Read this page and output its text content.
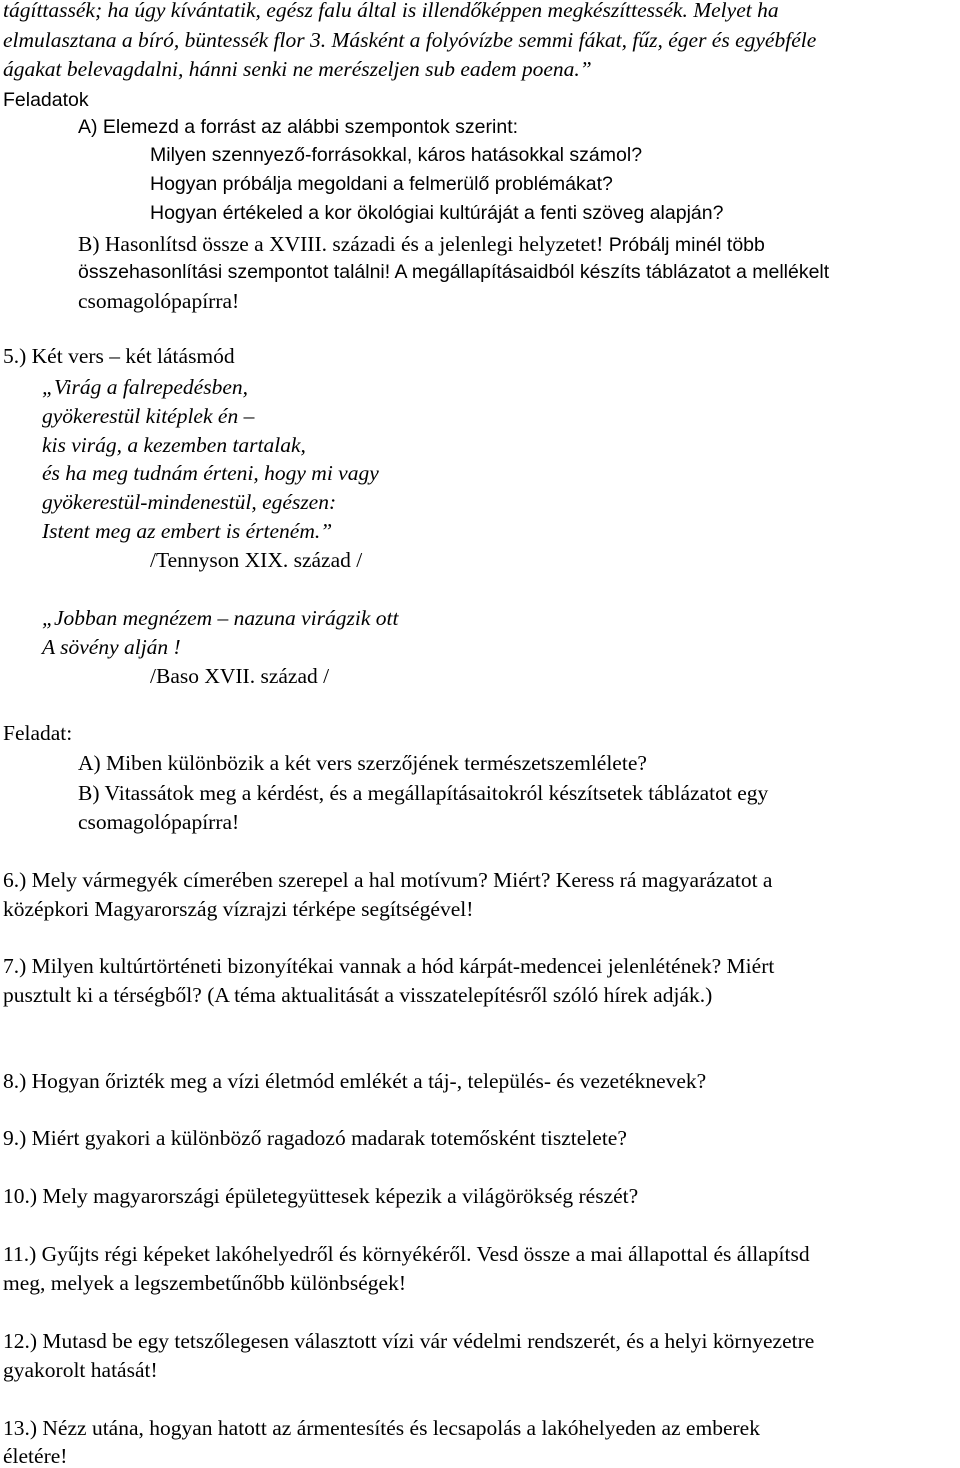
tágíttassék; ha úgy kívántatik, egész falu által is illendőképpen megkészíttessék. Melyet ha
elmulasztana a bíró, büntessék flor 3. Másként a folyóvízbe semmi fákat, fűz, éger és egyébféle
ágakat belevagdalni, hánni senki ne merészeljen sub eadem poena.”
Feladatok
A) Elemezd a forrást az alábbi szempontok szerint:
Milyen szennyező-forrásokkal, káros hatásokkal számol?
Hogyan próbálja megoldani a felmerülő problémákat?
Hogyan értékeled a kor ökológiai kultúráját a fenti szöveg alapján?
B) Hasonlítsd össze a XVIII. századi és a jelenlegi helyzetet! Próbálj minél több
összehasonlítási szempontot találni! A megállapításaidból készíts táblázatot a mellékelt
csomagolópapírra!
5.) Két vers – két látásmód
„Virág a falrepedésben,
gyökerestül kitéplek én –
kis virág, a kezemben tartalak,
és ha meg tudnám érteni, hogy mi vagy
gyökerestül-mindenestül, egészen:
Istent meg az embert is érteném.”
/Tennyson XIX. század /
„Jobban megnézem – nazuna virágzik ott
A sövény alján !
/Baso XVII. század /
Feladat:
A) Miben különbözik a két vers szerzőjének természetszemlélete?
B) Vitassátok meg a kérdést, és a megállapításaitokról készítsetek táblázatot egy
csomagolópapírra!
6.) Mely vármegyék címerében szerepel a hal motívum? Miért? Keress rá magyarázatot a
középkori Magyarország vízrajzi térképe segítségével!
7.) Milyen kultúrtörténeti bizonyítékai vannak a hód kárpát-medencei jelenlétének? Miért
pusztult ki a térségből? (A téma aktualitását a visszatelepítésről szóló hírek adják.)
8.) Hogyan őrizték meg a vízi életmód emlékét a táj-, település- és vezetéknevek?
9.) Miért gyakori a különböző ragadozó madarak totemősként tisztelete?
10.) Mely magyarországi épületegyüttesek képezik a világörökség részét?
11.) Gyűjts régi képeket lakóhelyedről és környékéről. Vesd össze a mai állapottal és állapítsd
meg, melyek a legszembetűnőbb különbségek!
12.) Mutasd be egy tetszőlegesen választott vízi vár védelmi rendszerét, és a helyi környezetre
gyakorolt hatását!
13.) Nézz utána, hogyan hatott az ármentesítés és lecsapolás a lakóhelyeden az emberek
életére!
